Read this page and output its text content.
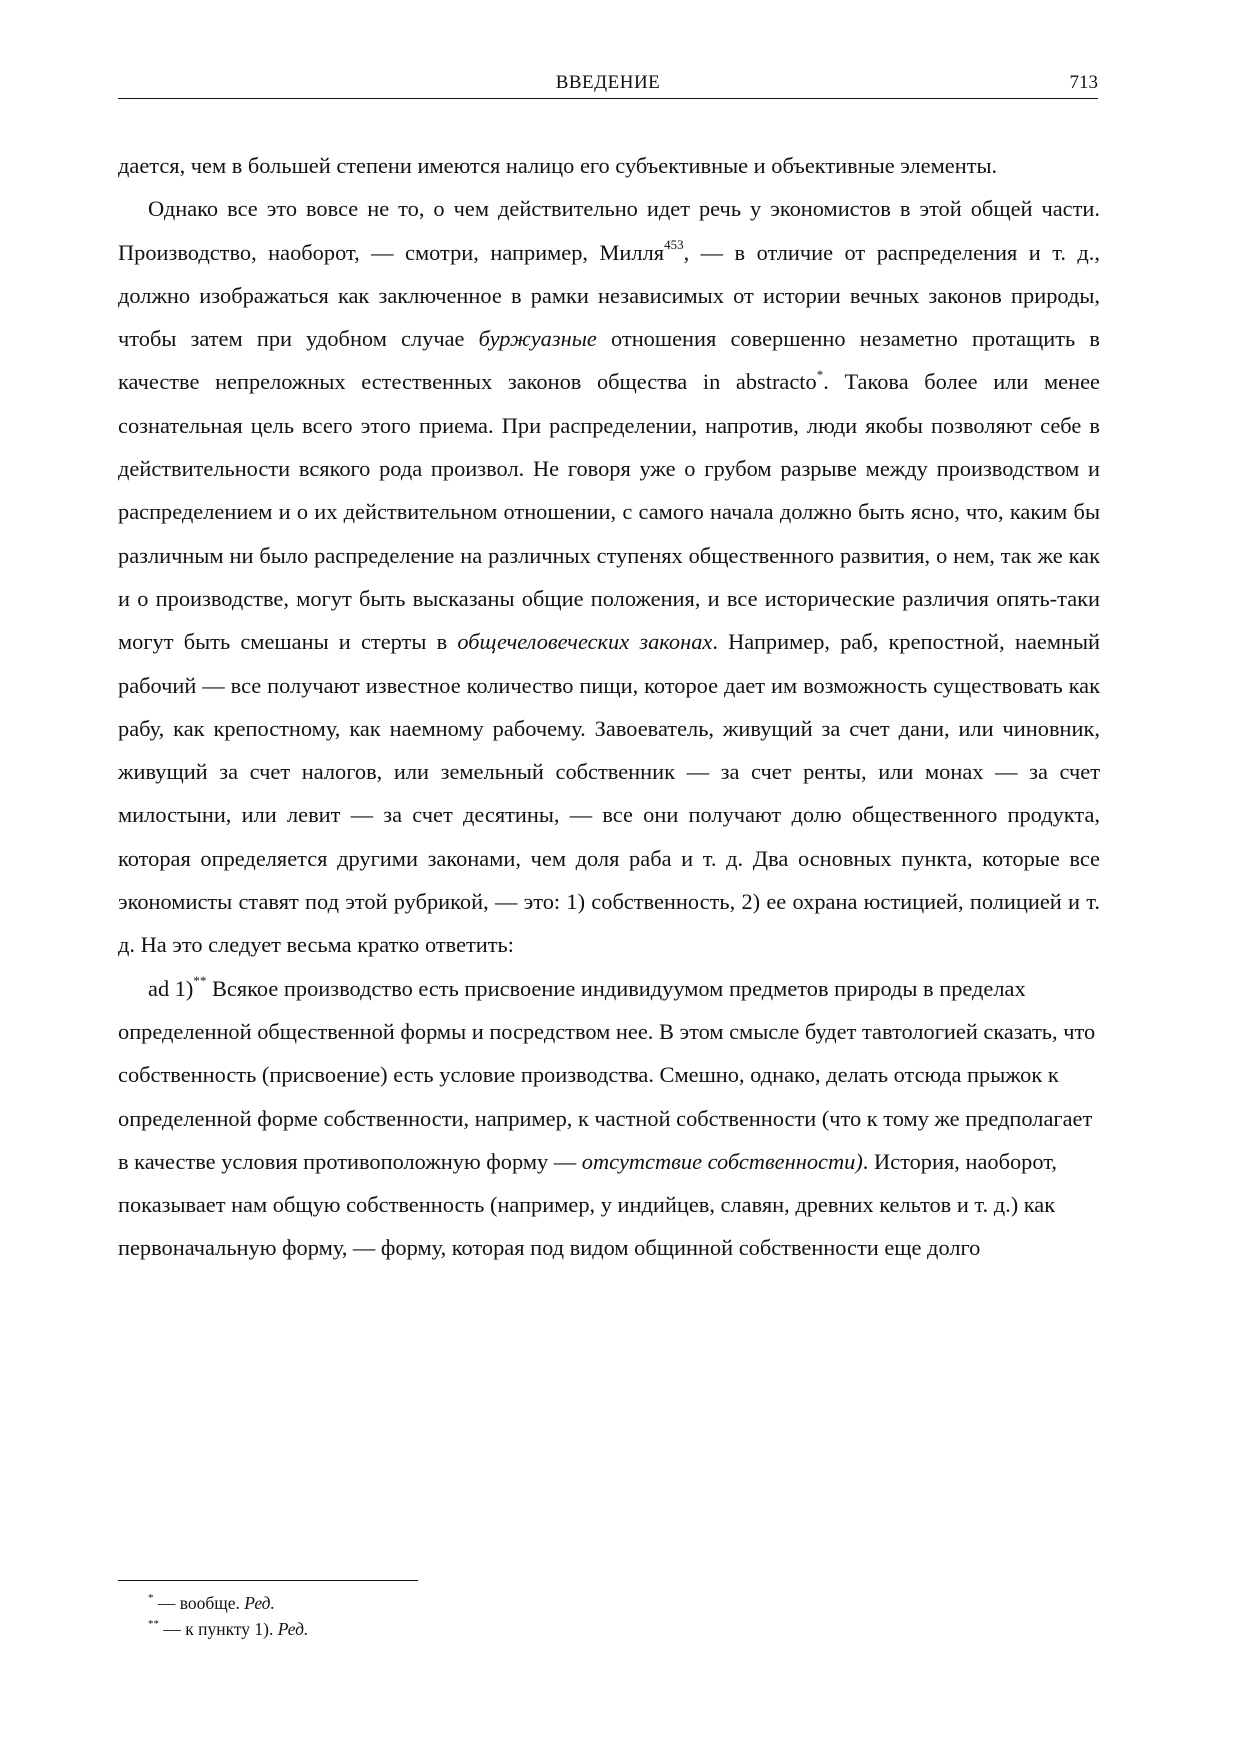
ВВЕДЕНИЕ	713

дается, чем в большей степени имеются налицо его субъективные и объективные элементы.

Однако все это вовсе не то, о чем действительно идет речь у экономистов в этой общей части. Производство, наоборот, — смотри, например, Милля$^{453}$, — в отличие от распределения и т. д., должно изображаться как заключенное в рамки независимых от истории вечных законов природы, чтобы затем при удобном случае буржуазные отношения совершенно незаметно протащить в качестве непреложных естественных законов общества in abstracto*. Такова более или менее сознательная цель всего этого приема. При распределении, напротив, люди якобы позволяют себе в действительности всякого рода произвол. Не говоря уже о грубом разрыве между производством и распределением и о их действительном отношении, с самого начала должно быть ясно, что, каким бы различным ни было распределение на различных ступенях общественного развития, о нем, так же как и о производстве, могут быть высказаны общие положения, и все исторические различия опять-таки могут быть смешаны и стерты в общечеловеческих законах. Например, раб, крепостной, наемный рабочий — все получают известное количество пищи, которое дает им возможность существовать как рабу, как крепостному, как наемному рабочему. Завоеватель, живущий за счет дани, или чиновник, живущий за счет налогов, или земельный собственник — за счет ренты, или монах — за счет милостыни, или левит — за счет десятины, — все они получают долю общественного продукта, которая определяется другими законами, чем доля раба и т. д. Два основных пункта, которые все экономисты ставят под этой рубрикой, — это: 1) собственность, 2) ее охрана юстицией, полицией и т. д. На это следует весьма кратко ответить:

ad 1)** Всякое производство есть присвоение индивидуумом предметов природы в пределах определенной общественной формы и посредством нее. В этом смысле будет тавтологией сказать, что собственность (присвоение) есть условие производства. Смешно, однако, делать отсюда прыжок к определенной форме собственности, например, к частной собственности (что к тому же предполагает в качестве условия противоположную форму — отсутствие собственности). История, наоборот, показывает нам общую собственность (например, у индийцев, славян, древних кельтов и т. д.) как первоначальную форму, — форму, которая под видом общинной собственности еще долго

* — вообще. Ред.
** — к пункту 1). Ред.
